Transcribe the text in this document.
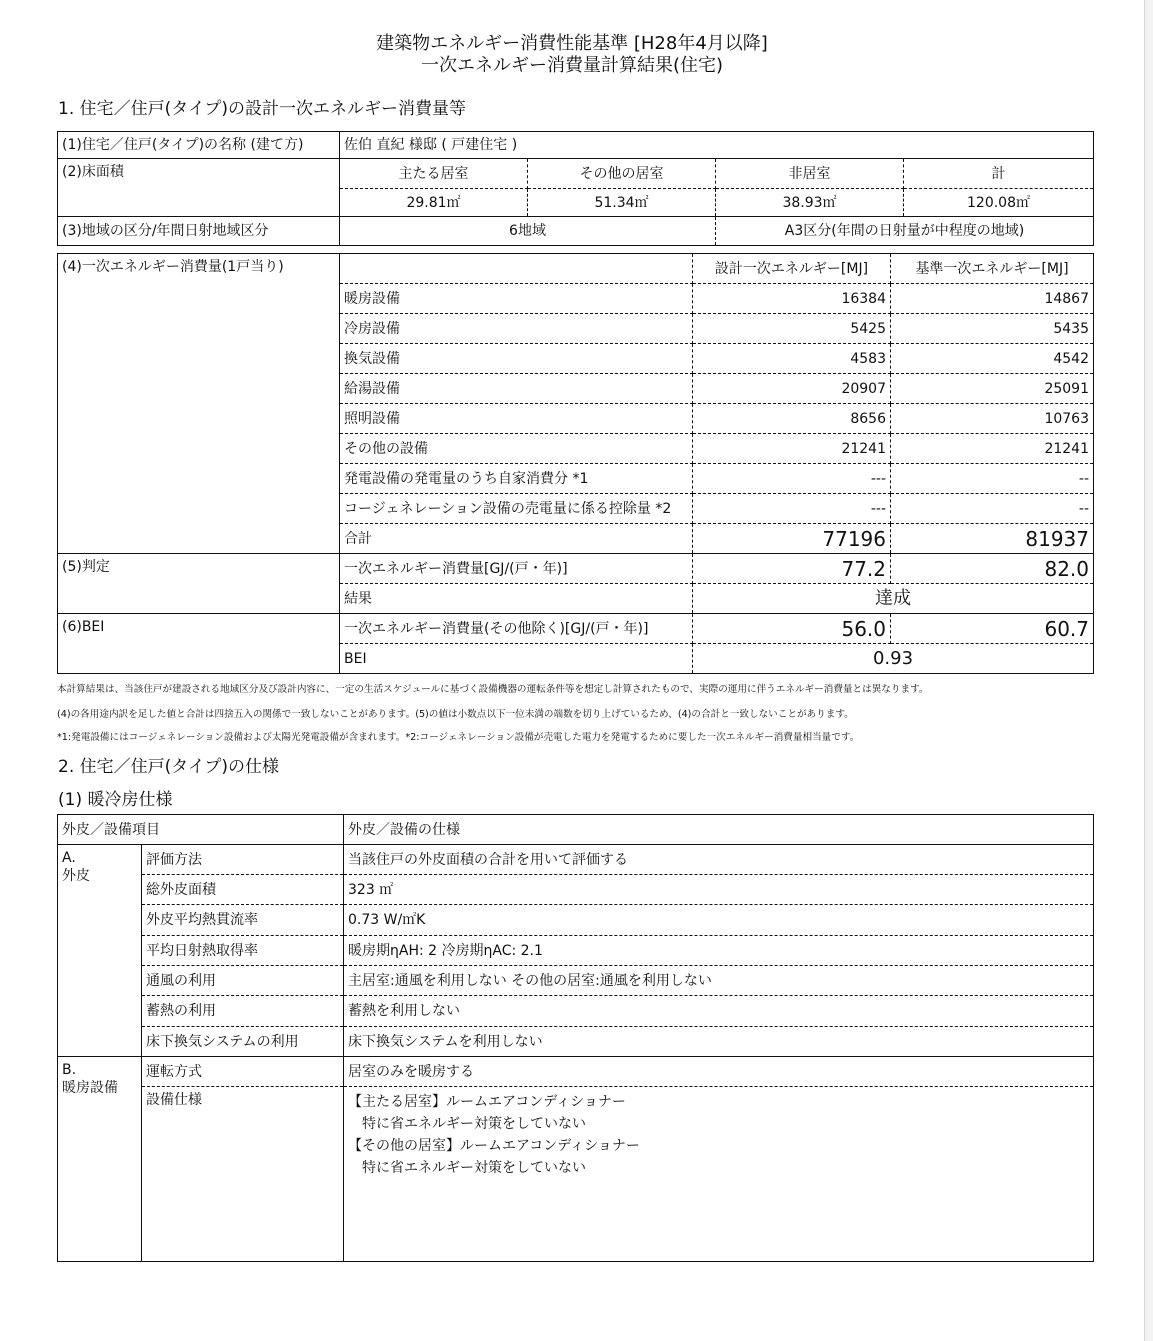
建築物エネルギー消費性能基準 [H28年4月以降]
一次エネルギー消費量計算結果(住宅)
1. 住宅／住戸(タイプ)の設計一次エネルギー消費量等
(1)住宅／住戸(タイプ)の名称 (建て方)	佐伯 直紀 様邸 ( 戸建住宅 )			
(2)床面積	主たる居室	その他の居室	非居室	計
	29.81㎡	51.34㎡	38.93㎡	120.08㎡
(3)地域の区分/年間日射地域区分	6地域		A3区分(年間の日射量が中程度の地域)	
(4)一次エネルギー消費量(1戸当り)		設計一次エネルギー[MJ]	基準一次エネルギー[MJ]
	暖房設備	16384	14867
	冷房設備	5425	5435
	換気設備	4583	4542
	給湯設備	20907	25091
	照明設備	8656	10763
	その他の設備	21241	21241
	発電設備の発電量のうち自家消費分 *1	---	--
	コージェネレーション設備の売電量に係る控除量 *2	---	--
	合計	77196	81937
(5)判定	一次エネルギー消費量[GJ/(戸・年)]	77.2	82.0
	結果	達成	
(6)BEI	一次エネルギー消費量(その他除く)[GJ/(戸・年)]	56.0	60.7
	BEI	0.93	
本計算結果は、当該住戸が建設される地域区分及び設計内容に、一定の生活スケジュールに基づく設備機器の運転条件等を想定し計算されたもので、実際の運用に伴うエネルギー消費量とは異なります。
(4)の各用途内訳を足した値と合計は四捨五入の関係で一致しないことがあります。(5)の値は小数点以下一位未満の端数を切り上げているため、(4)の合計と一致しないことがあります。
*1:発電設備にはコージェネレーション設備および太陽光発電設備が含まれます。*2:コージェネレーション設備が売電した電力を発電するために要した一次エネルギー消費量相当量です。
2. 住宅／住戸(タイプ)の仕様
(1) 暖冷房仕様
外皮／設備項目		外皮／設備の仕様

A.
外皮	評価方法	当該住戸の外皮面積の合計を用いて評価する
	総外皮面積	323 ㎡
	外皮平均熱貫流率	0.73 W/㎡K
	平均日射熱取得率	暖房期ηAH: 2 冷房期ηAC: 2.1
	通風の利用	主居室:通風を利用しない その他の居室:通風を利用しない
	蓄熱の利用	蓄熱を利用しない
	床下換気システムの利用	床下換気システムを利用しない

B.
暖房設備	運転方式	居室のみを暖房する
	設備仕様	【主たる居室】ルームエアコンディショナー
　特に省エネルギー対策をしていない
【その他の居室】ルームエアコンディショナー
　特に省エネルギー対策をしていない
